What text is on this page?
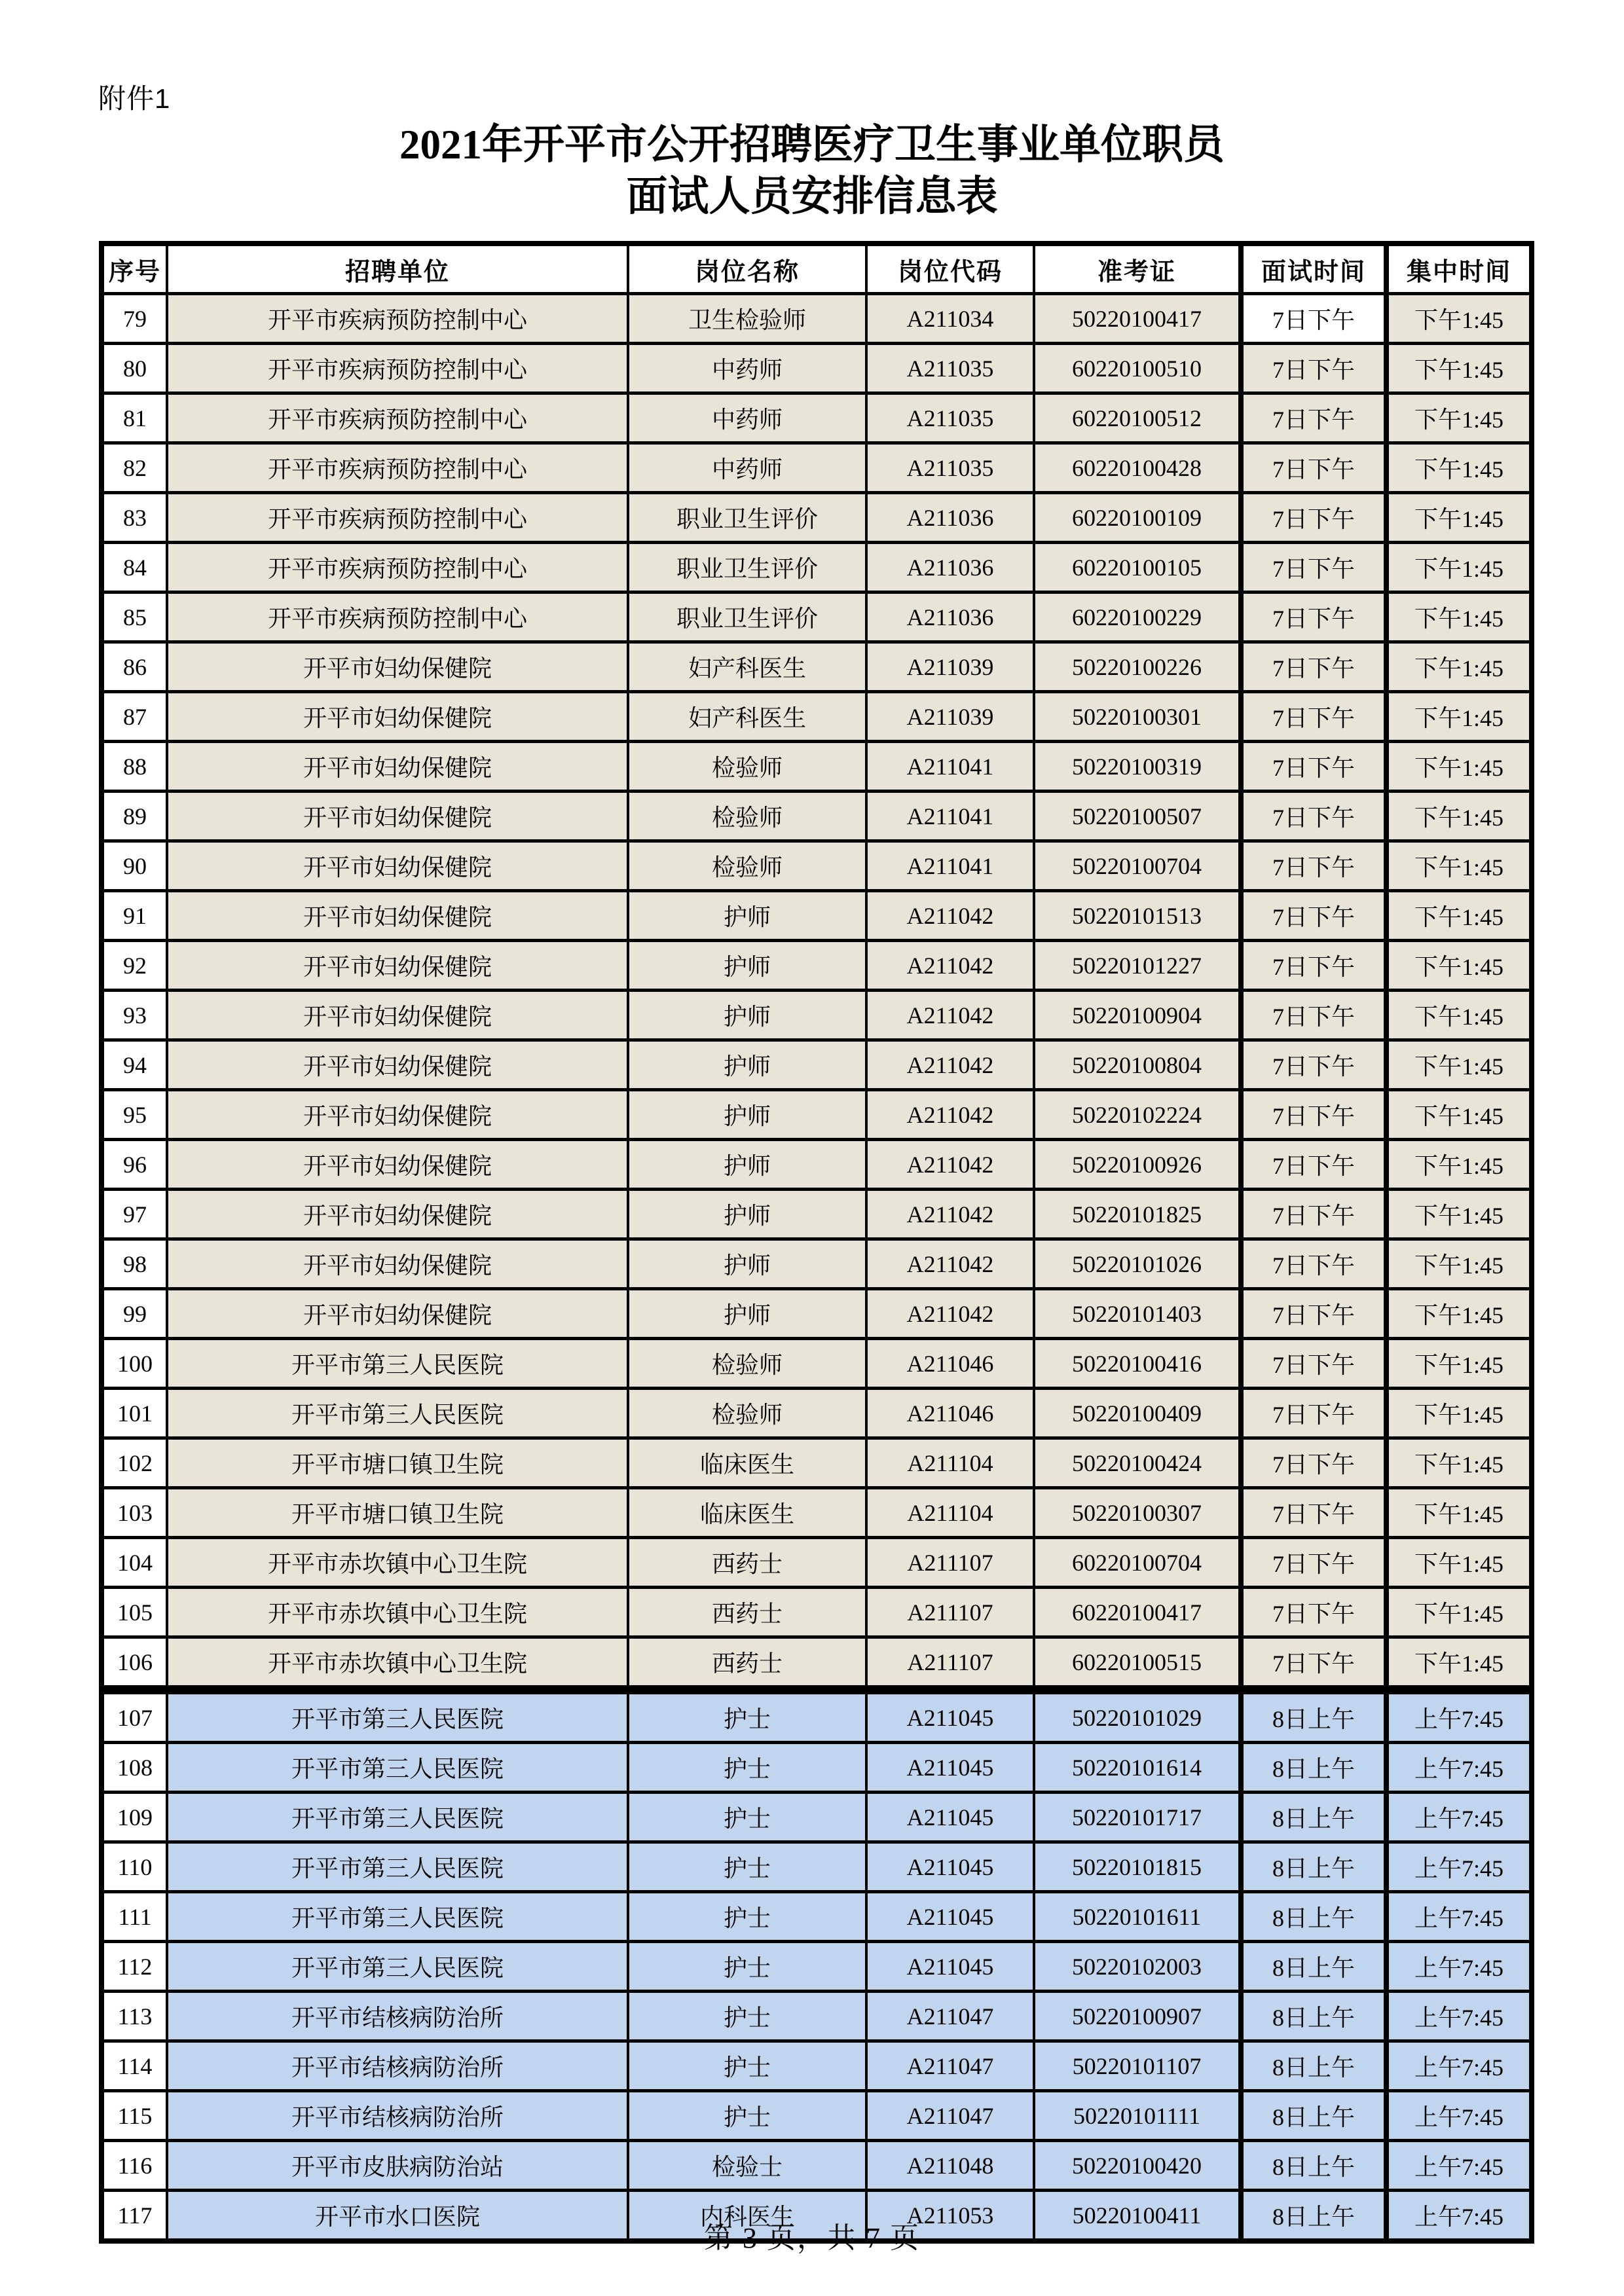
附件1
2021年开平市公开招聘医疗卫生事业单位职员
面试人员安排信息表
序号	招聘单位	岗位名称	岗位代码	准考证	面试时间	集中时间
79	开平市疾病预防控制中心	卫生检验师	A211034	50220100417	7日下午	下午1:45
80	开平市疾病预防控制中心	中药师	A211035	60220100510	7日下午	下午1:45
81	开平市疾病预防控制中心	中药师	A211035	60220100512	7日下午	下午1:45
82	开平市疾病预防控制中心	中药师	A211035	60220100428	7日下午	下午1:45
83	开平市疾病预防控制中心	职业卫生评价	A211036	60220100109	7日下午	下午1:45
84	开平市疾病预防控制中心	职业卫生评价	A211036	60220100105	7日下午	下午1:45
85	开平市疾病预防控制中心	职业卫生评价	A211036	60220100229	7日下午	下午1:45
86	开平市妇幼保健院	妇产科医生	A211039	50220100226	7日下午	下午1:45
87	开平市妇幼保健院	妇产科医生	A211039	50220100301	7日下午	下午1:45
88	开平市妇幼保健院	检验师	A211041	50220100319	7日下午	下午1:45
89	开平市妇幼保健院	检验师	A211041	50220100507	7日下午	下午1:45
90	开平市妇幼保健院	检验师	A211041	50220100704	7日下午	下午1:45
91	开平市妇幼保健院	护师	A211042	50220101513	7日下午	下午1:45
92	开平市妇幼保健院	护师	A211042	50220101227	7日下午	下午1:45
93	开平市妇幼保健院	护师	A211042	50220100904	7日下午	下午1:45
94	开平市妇幼保健院	护师	A211042	50220100804	7日下午	下午1:45
95	开平市妇幼保健院	护师	A211042	50220102224	7日下午	下午1:45
96	开平市妇幼保健院	护师	A211042	50220100926	7日下午	下午1:45
97	开平市妇幼保健院	护师	A211042	50220101825	7日下午	下午1:45
98	开平市妇幼保健院	护师	A211042	50220101026	7日下午	下午1:45
99	开平市妇幼保健院	护师	A211042	50220101403	7日下午	下午1:45
100	开平市第三人民医院	检验师	A211046	50220100416	7日下午	下午1:45
101	开平市第三人民医院	检验师	A211046	50220100409	7日下午	下午1:45
102	开平市塘口镇卫生院	临床医生	A211104	50220100424	7日下午	下午1:45
103	开平市塘口镇卫生院	临床医生	A211104	50220100307	7日下午	下午1:45
104	开平市赤坎镇中心卫生院	西药士	A211107	60220100704	7日下午	下午1:45
105	开平市赤坎镇中心卫生院	西药士	A211107	60220100417	7日下午	下午1:45
106	开平市赤坎镇中心卫生院	西药士	A211107	60220100515	7日下午	下午1:45
107	开平市第三人民医院	护士	A211045	50220101029	8日上午	上午7:45
108	开平市第三人民医院	护士	A211045	50220101614	8日上午	上午7:45
109	开平市第三人民医院	护士	A211045	50220101717	8日上午	上午7:45
110	开平市第三人民医院	护士	A211045	50220101815	8日上午	上午7:45
111	开平市第三人民医院	护士	A211045	50220101611	8日上午	上午7:45
112	开平市第三人民医院	护士	A211045	50220102003	8日上午	上午7:45
113	开平市结核病防治所	护士	A211047	50220100907	8日上午	上午7:45
114	开平市结核病防治所	护士	A211047	50220101107	8日上午	上午7:45
115	开平市结核病防治所	护士	A211047	50220101111	8日上午	上午7:45
116	开平市皮肤病防治站	检验士	A211048	50220100420	8日上午	上午7:45
117	开平市水口医院	内科医生	A211053	50220100411	8日上午	上午7:45
第 3 页，共 7 页
